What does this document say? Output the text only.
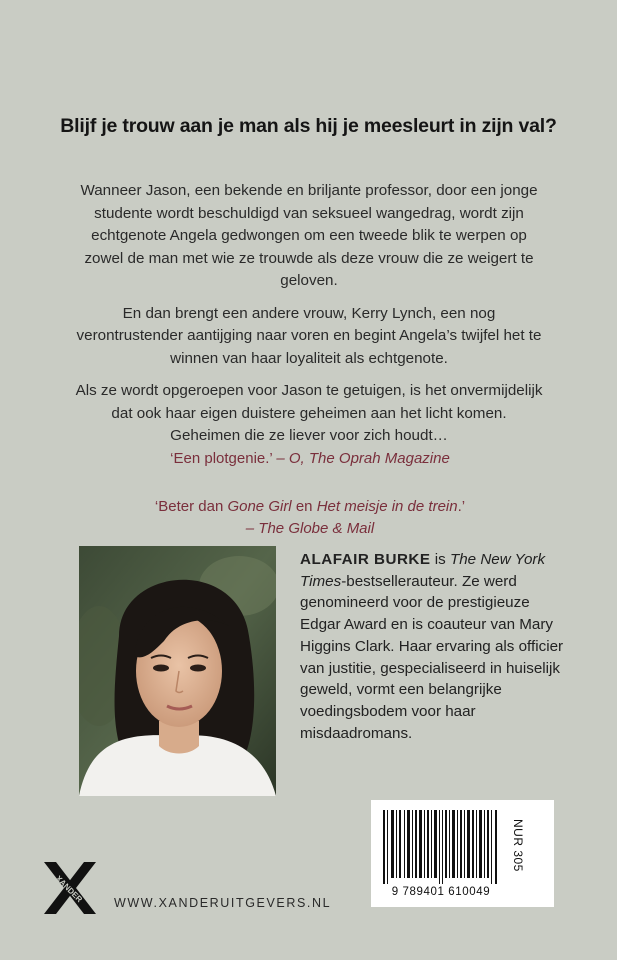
Blijf je trouw aan je man als hij je meesleurt in zijn val?

Wanneer Jason, een bekende en briljante professor, door een jonge studente wordt beschuldigd van seksueel wangedrag, wordt zijn echtgenote Angela gedwongen om een tweede blik te werpen op zowel de man met wie ze trouwde als deze vrouw die ze weigert te geloven.

En dan brengt een andere vrouw, Kerry Lynch, een nog verontrustender aantijging naar voren en begint Angela’s twijfel het te winnen van haar loyaliteit als echtgenote.

Als ze wordt opgeroepen voor Jason te getuigen, is het onvermijdelijk dat ook haar eigen duistere geheimen aan het licht komen. Geheimen die ze liever voor zich houdt…

‘Een plotgenie.’ – O, The Oprah Magazine
‘Beter dan Gone Girl en Het meisje in de trein.’
– The Globe & Mail
ALAFAIR BURKE is The New York Times-bestsellerauteur. Ze werd genomineerd voor de prestigieuze Edgar Award en is coauteur van Mary Higgins Clark. Haar ervaring als officier van justitie, gespecialiseerd in huiselijk geweld, vormt een belangrijke voedingsbodem voor haar misdaadromans.
XANDER WWW.XANDERUITGEVERS.NL
9 789401 610049
NUR 305
